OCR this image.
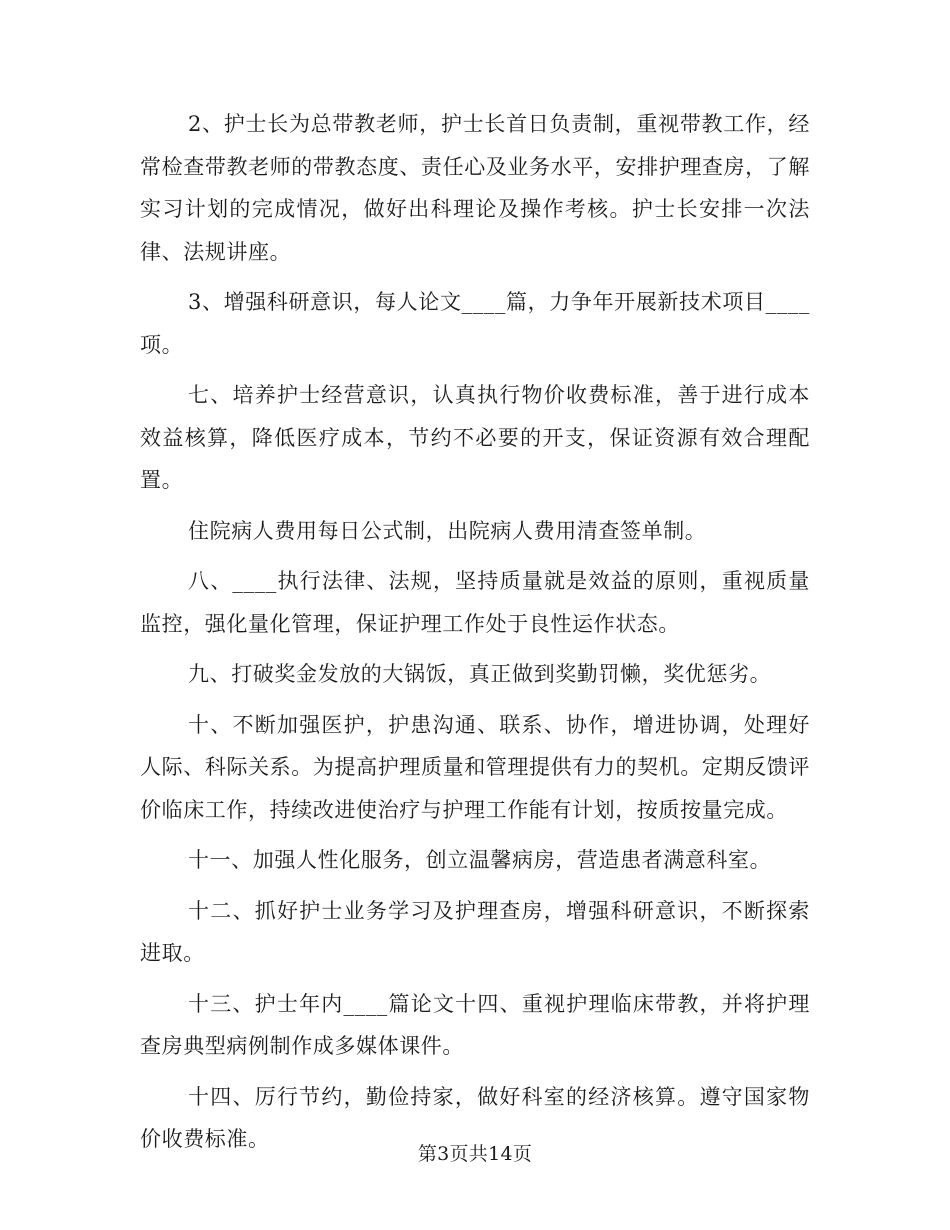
2、护士长为总带教老师，护士长首日负责制，重视带教工作，经常检查带教老师的带教态度、责任心及业务水平，安排护理查房，了解实习计划的完成情况，做好出科理论及操作考核。护士长安排一次法律、法规讲座。

3、增强科研意识，每人论文____篇，力争年开展新技术项目____项。

七、培养护士经营意识，认真执行物价收费标准，善于进行成本效益核算，降低医疗成本，节约不必要的开支，保证资源有效合理配置。

住院病人费用每日公式制，出院病人费用清查签单制。

八、____执行法律、法规，坚持质量就是效益的原则，重视质量监控，强化量化管理，保证护理工作处于良性运作状态。

九、打破奖金发放的大锅饭，真正做到奖勤罚懒，奖优惩劣。

十、不断加强医护，护患沟通、联系、协作，增进协调，处理好人际、科际关系。为提高护理质量和管理提供有力的契机。定期反馈评价临床工作，持续改进使治疗与护理工作能有计划，按质按量完成。

十一、加强人性化服务，创立温馨病房，营造患者满意科室。

十二、抓好护士业务学习及护理查房，增强科研意识，不断探索进取。

十三、护士年内____篇论文十四、重视护理临床带教，并将护理查房典型病例制作成多媒体课件。

十四、厉行节约，勤俭持家，做好科室的经济核算。遵守国家物价收费标准。

第3页共14页
